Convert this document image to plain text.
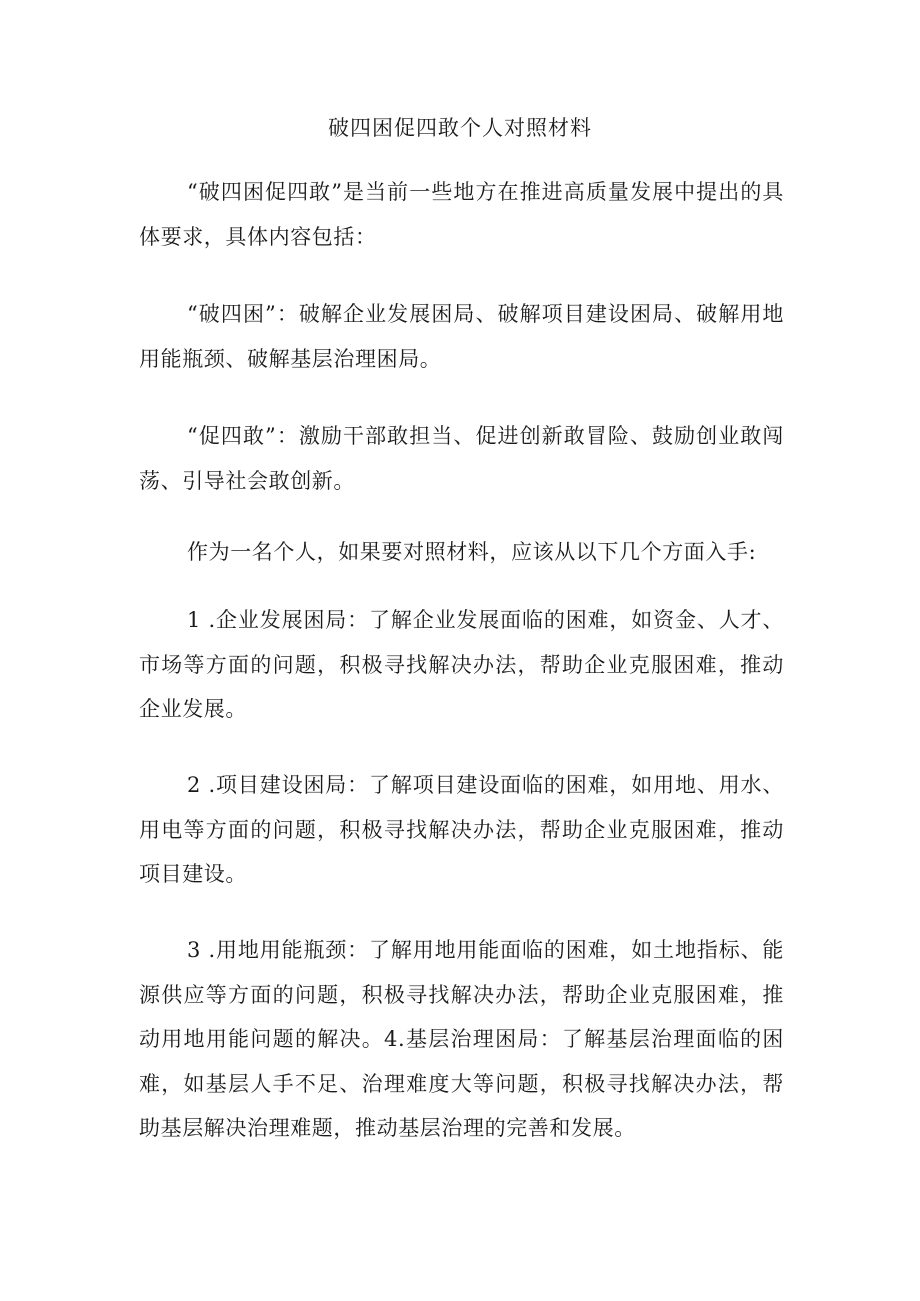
破四困促四敢个人对照材料

“破四困促四敢”是当前一些地方在推进高质量发展中提出的具体要求，具体内容包括：

“破四困”：破解企业发展困局、破解项目建设困局、破解用地用能瓶颈、破解基层治理困局。

“促四敢”：激励干部敢担当、促进创新敢冒险、鼓励创业敢闯荡、引导社会敢创新。

作为一名个人，如果要对照材料，应该从以下几个方面入手:

1 .企业发展困局：了解企业发展面临的困难，如资金、人才、市场等方面的问题，积极寻找解决办法，帮助企业克服困难，推动企业发展。

2 .项目建设困局：了解项目建设面临的困难，如用地、用水、用电等方面的问题，积极寻找解决办法，帮助企业克服困难，推动项目建设。

3 .用地用能瓶颈：了解用地用能面临的困难，如土地指标、能源供应等方面的问题，积极寻找解决办法，帮助企业克服困难，推动用地用能问题的解决。4.基层治理困局：了解基层治理面临的困难，如基层人手不足、治理难度大等问题，积极寻找解决办法，帮助基层解决治理难题，推动基层治理的完善和发展。
